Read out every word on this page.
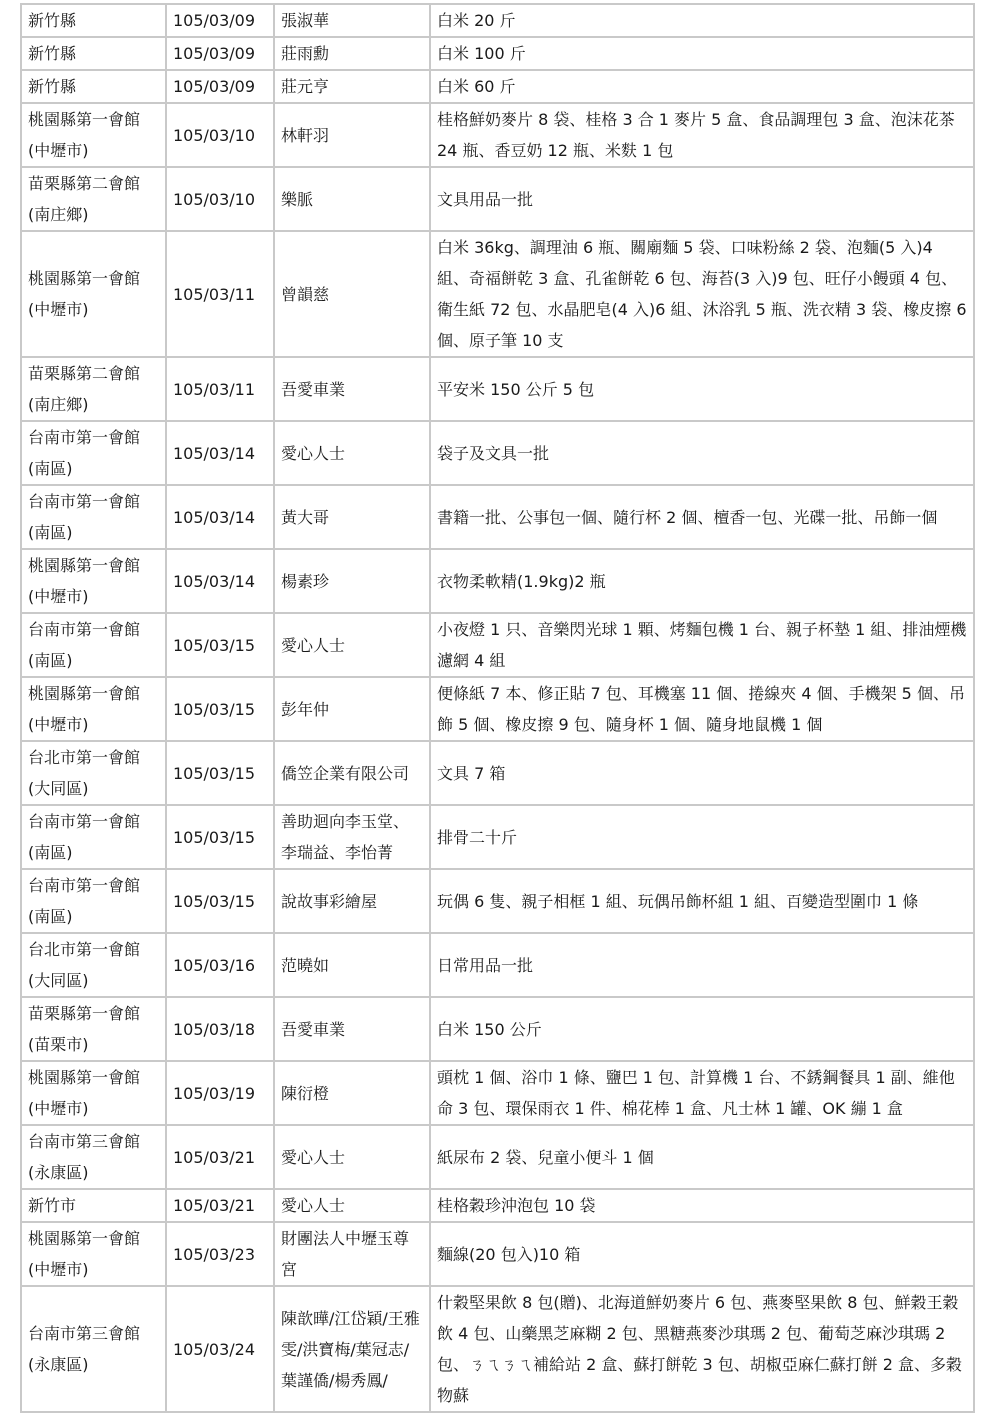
新竹縣	105/03/09	張淑華	白米 20 斤

新竹縣	105/03/09	莊雨勳	白米 100 斤

新竹縣	105/03/09	莊元亨	白米 60 斤

桃園縣第一會館
(中壢市)	105/03/10	林軒羽	桂格鮮奶麥片 8 袋、桂格 3 合 1 麥片 5 盒、食品調理包 3 盒、泡沫花茶 24 瓶、香豆奶 12 瓶、米麩 1 包

苗栗縣第二會館
(南庄鄉)	105/03/10	樂脈	文具用品一批

桃園縣第一會館
(中壢市)	105/03/11	曾韻慈	白米 36kg、調理油 6 瓶、關廟麵 5 袋、口味粉絲 2 袋、泡麵(5 入)4 組、奇福餅乾 3 盒、孔雀餅乾 6 包、海苔(3 入)9 包、旺仔小饅頭 4 包、衛生紙 72 包、水晶肥皂(4 入)6 組、沐浴乳 5 瓶、洗衣精 3 袋、橡皮擦 6 個、原子筆 10 支

苗栗縣第二會館
(南庄鄉)	105/03/11	吾愛車業	平安米 150 公斤 5 包

台南市第一會館
(南區)	105/03/14	愛心人士	袋子及文具一批

台南市第一會館
(南區)	105/03/14	黃大哥	書籍一批、公事包一個、隨行杯 2 個、檀香一包、光碟一批、吊飾一個

桃園縣第一會館
(中壢市)	105/03/14	楊素珍	衣物柔軟精(1.9kg)2 瓶

台南市第一會館
(南區)	105/03/15	愛心人士	小夜燈 1 只、音樂閃光球 1 顆、烤麵包機 1 台、親子杯墊 1 組、排油煙機濾網 4 組

桃園縣第一會館
(中壢市)	105/03/15	彭年仲	便條紙 7 本、修正貼 7 包、耳機塞 11 個、捲線夾 4 個、手機架 5 個、吊飾 5 個、橡皮擦 9 包、隨身杯 1 個、隨身地鼠機 1 個

台北市第一會館
(大同區)	105/03/15	僑笠企業有限公司	文具 7 箱

台南市第一會館
(南區)	105/03/15	善助迴向李玉堂、李瑞益、李怡菁	排骨二十斤

台南市第一會館
(南區)	105/03/15	說故事彩繪屋	玩偶 6 隻、親子相框 1 組、玩偶吊飾杯組 1 組、百變造型圍巾 1 條

台北市第一會館
(大同區)	105/03/16	范曉如	日常用品一批

苗栗縣第一會館
(苗栗市)	105/03/18	吾愛車業	白米 150 公斤

桃園縣第一會館
(中壢市)	105/03/19	陳衍橙	頭枕 1 個、浴巾 1 條、鹽巴 1 包、計算機 1 台、不銹鋼餐具 1 副、維他命 3 包、環保雨衣 1 件、棉花棒 1 盒、凡士林 1 罐、OK 繃 1 盒

台南市第三會館
(永康區)	105/03/21	愛心人士	紙尿布 2 袋、兒童小便斗 1 個

新竹市	105/03/21	愛心人士	桂格穀珍沖泡包 10 袋

桃園縣第一會館
(中壢市)	105/03/23	財團法人中壢玉尊宮	麵線(20 包入)10 箱

台南市第三會館
(永康區)	105/03/24	陳歆曄/江岱穎/王雅雯/洪寶梅/葉冠志/葉謹僑/楊秀鳳/	什穀堅果飲 8 包(贈)、北海道鮮奶麥片 6 包、燕麥堅果飲 8 包、鮮穀王穀飲 4 包、山藥黑芝麻糊 2 包、黑糖燕麥沙琪瑪 2 包、葡萄芝麻沙琪瑪 2 包、ㄋㄟㄋㄟ補給站 2 盒、蘇打餅乾 3 包、胡椒亞麻仁蘇打餅 2 盒、多穀物蘇
